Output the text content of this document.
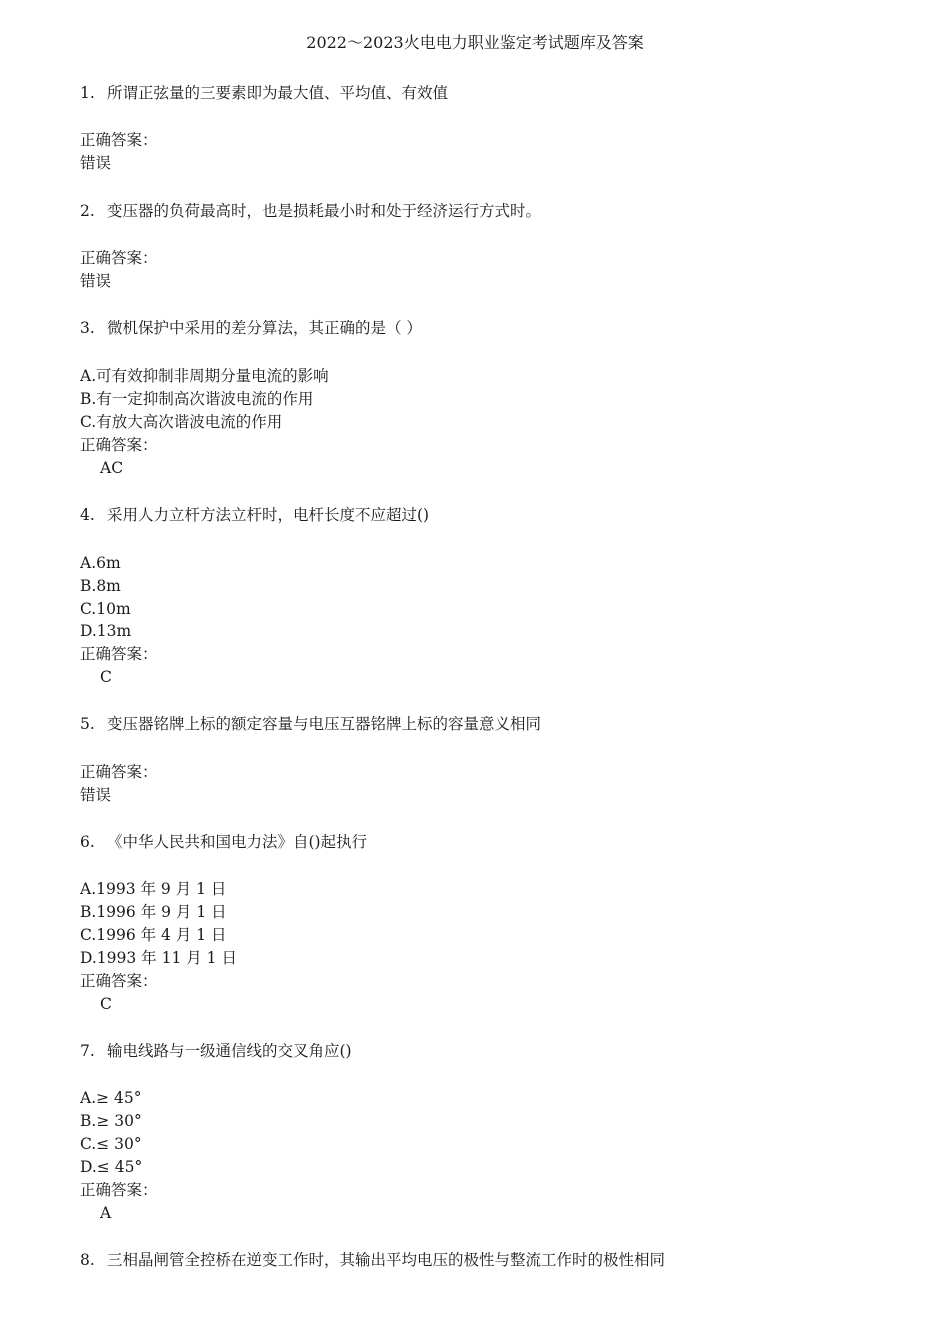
2022～2023火电电力职业鉴定考试题库及答案
1. 所谓正弦量的三要素即为最大值、平均值、有效值
正确答案：
错误
2. 变压器的负荷最高时，也是损耗最小时和处于经济运行方式时。
正确答案：
错误
3. 微机保护中采用的差分算法，其正确的是（ ）
A.可有效抑制非周期分量电流的影响
B.有一定抑制高次谐波电流的作用
C.有放大高次谐波电流的作用
正确答案：
AC
4. 采用人力立杆方法立杆时，电杆长度不应超过()
A.6m
B.8m
C.10m
D.13m
正确答案：
C
5. 变压器铭牌上标的额定容量与电压互器铭牌上标的容量意义相同
正确答案：
错误
6. 《中华人民共和国电力法》自()起执行
A.1993 年 9 月 1 日
B.1996 年 9 月 1 日
C.1996 年 4 月 1 日
D.1993 年 11 月 1 日
正确答案：
C
7. 输电线路与一级通信线的交叉角应()
A.≥ 45°
B.≥ 30°
C.≤ 30°
D.≤ 45°
正确答案：
A
8. 三相晶闸管全控桥在逆变工作时，其输出平均电压的极性与整流工作时的极性相同
